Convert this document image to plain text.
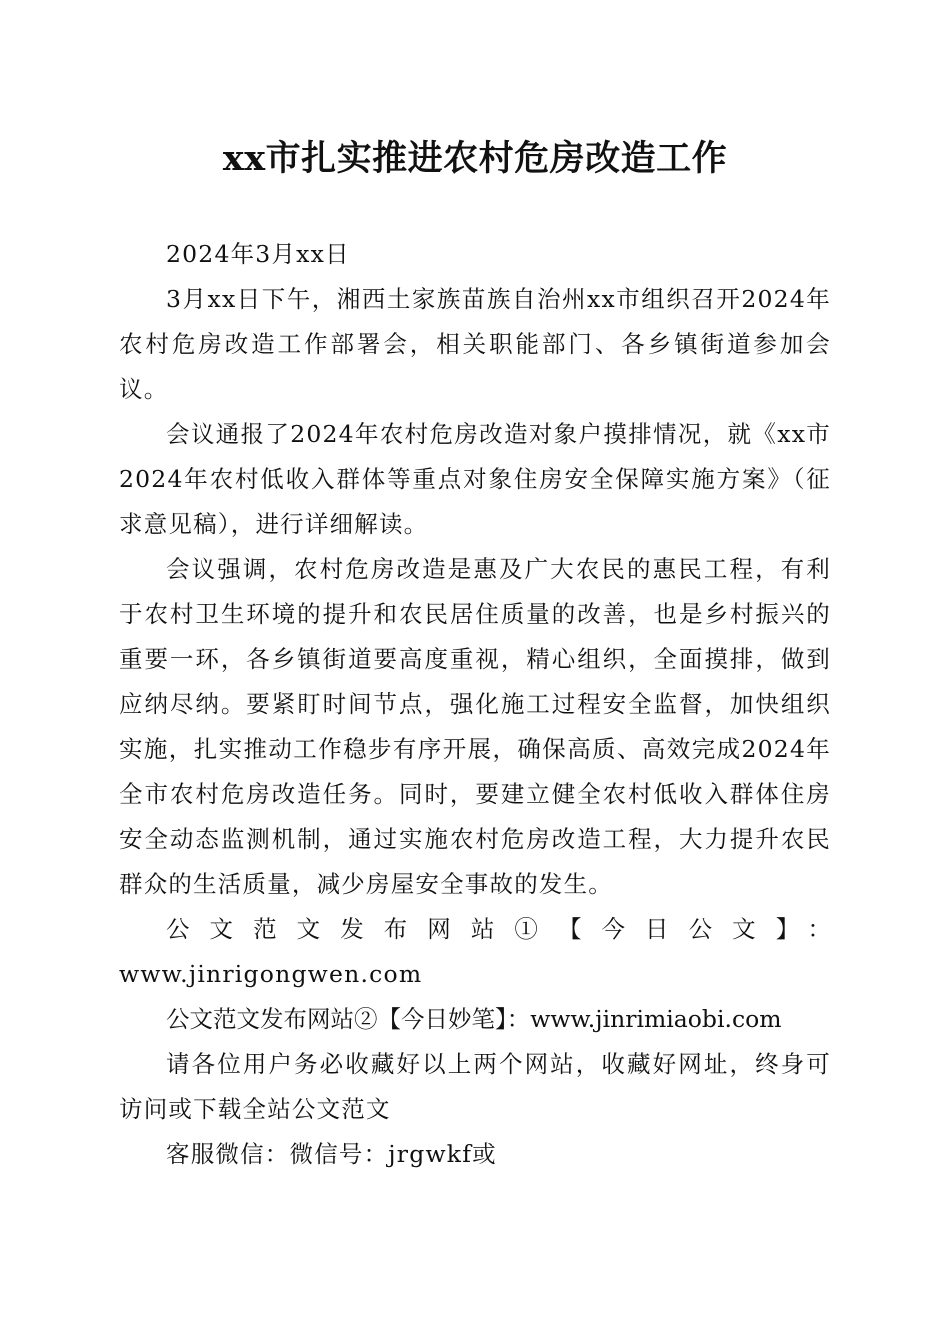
xx市扎实推进农村危房改造工作

2024年3月xx日

3月xx日下午，湘西土家族苗族自治州xx市组织召开2024年农村危房改造工作部署会，相关职能部门、各乡镇街道参加会议。

会议通报了2024年农村危房改造对象户摸排情况，就《xx市2024年农村低收入群体等重点对象住房安全保障实施方案》（征求意见稿），进行详细解读。

会议强调，农村危房改造是惠及广大农民的惠民工程，有利于农村卫生环境的提升和农民居住质量的改善，也是乡村振兴的重要一环，各乡镇街道要高度重视，精心组织，全面摸排，做到应纳尽纳。要紧盯时间节点，强化施工过程安全监督，加快组织实施，扎实推动工作稳步有序开展，确保高质、高效完成2024年全市农村危房改造任务。同时，要建立健全农村低收入群体住房安全动态监测机制，通过实施农村危房改造工程，大力提升农民群众的生活质量，减少房屋安全事故的发生。

公文范文发布网站①【今日公文】：

www.jinrigongwen.com

公文范文发布网站②【今日妙笔】：www.jinrimiaobi.com

请各位用户务必收藏好以上两个网站，收藏好网址，终身可访问或下载全站公文范文

客服微信：微信号：jrgwkf或
